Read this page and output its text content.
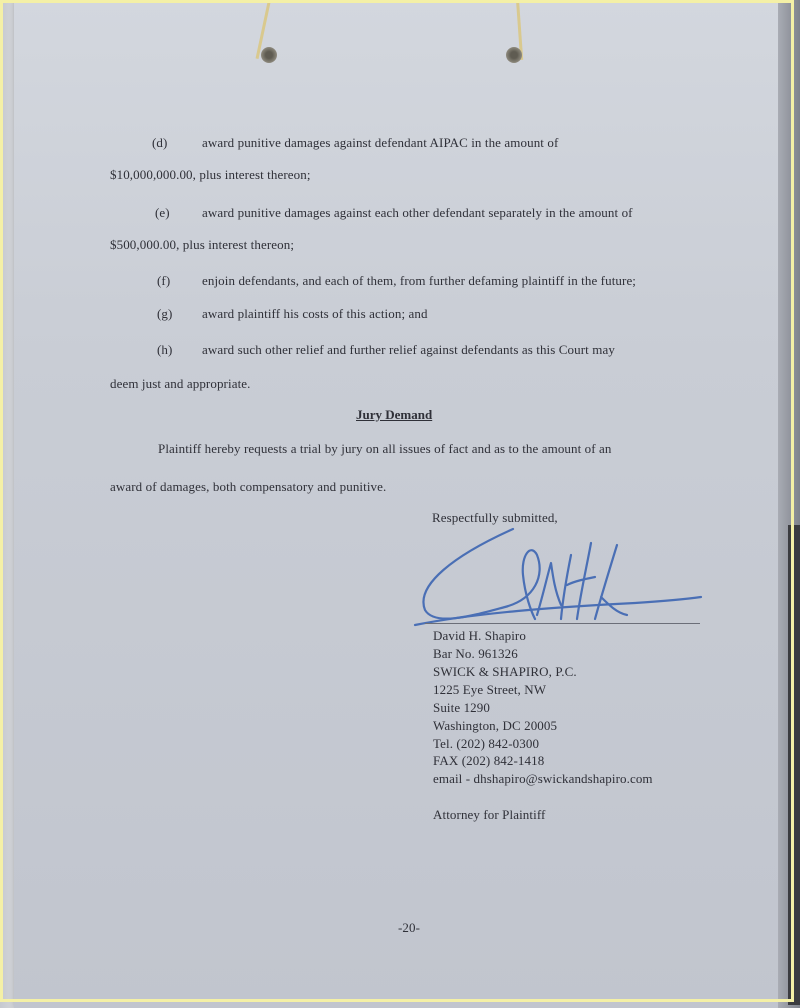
(d)	award punitive damages against defendant AIPAC in the amount of
$10,000,000.00, plus interest thereon;
(e) award punitive damages against each other defendant separately in the amount of
$500,000.00, plus interest thereon;
(f) enjoin defendants, and each of them, from further defaming plaintiff in the future;
(g) award plaintiff his costs of this action; and
(h) award such other relief and further relief against defendants as this Court may
deem just and appropriate.
Jury Demand
Plaintiff hereby requests a trial by jury on all issues of fact and as to the amount of an
award of damages, both compensatory and punitive.
Respectfully submitted,
David H. Shapiro
Bar No. 961326
SWICK & SHAPIRO, P.C.
1225 Eye Street, NW
Suite 1290
Washington, DC 20005
Tel. (202) 842-0300
FAX (202) 842-1418
email - dhshapiro@swickandshapiro.com
Attorney for Plaintiff
-20-
